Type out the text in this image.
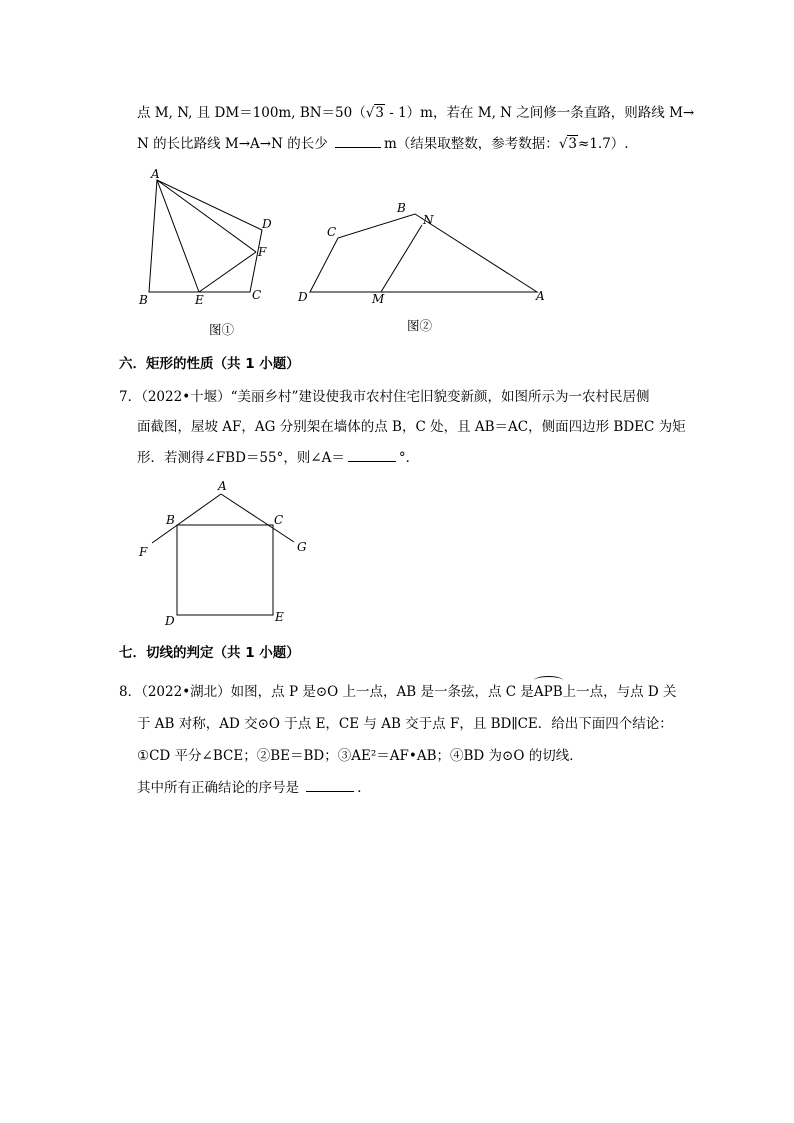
点 M, N, 且 DM＝100m, BN＝50（√3 - 1）m，若在 M, N 之间修一条直路，则路线 M→
N 的长比路线 M→A→N 的长少	m（结果取整数，参考数据：√3≈1.7）.
A
B	E	C
D
F
图①
C
B
N
D	M	A
图②
A
B	C
F	G
D	E
六．矩形的性质（共 1 小题）
7．（2022•十堰）“美丽乡村”建设使我市农村住宅旧貌变新颜，如图所示为一农村民居侧
面截图，屋坡 AF，AG 分别架在墙体的点 B，C 处，且 AB＝AC，侧面四边形 BDEC 为矩
形．若测得∠FBD＝55°，则∠A＝	°．
七．切线的判定（共 1 小题）
8．（2022•湖北）如图，点 P 是⊙O 上一点，AB 是一条弦，点 C 是APB上一点，与点 D 关
于 AB 对称，AD 交⊙O 于点 E，CE 与 AB 交于点 F，且 BD∥CE．给出下面四个结论：
①CD 平分∠BCE；②BE＝BD；③AE²＝AF•AB；④BD 为⊙O 的切线．
其中所有正确结论的序号是	．
